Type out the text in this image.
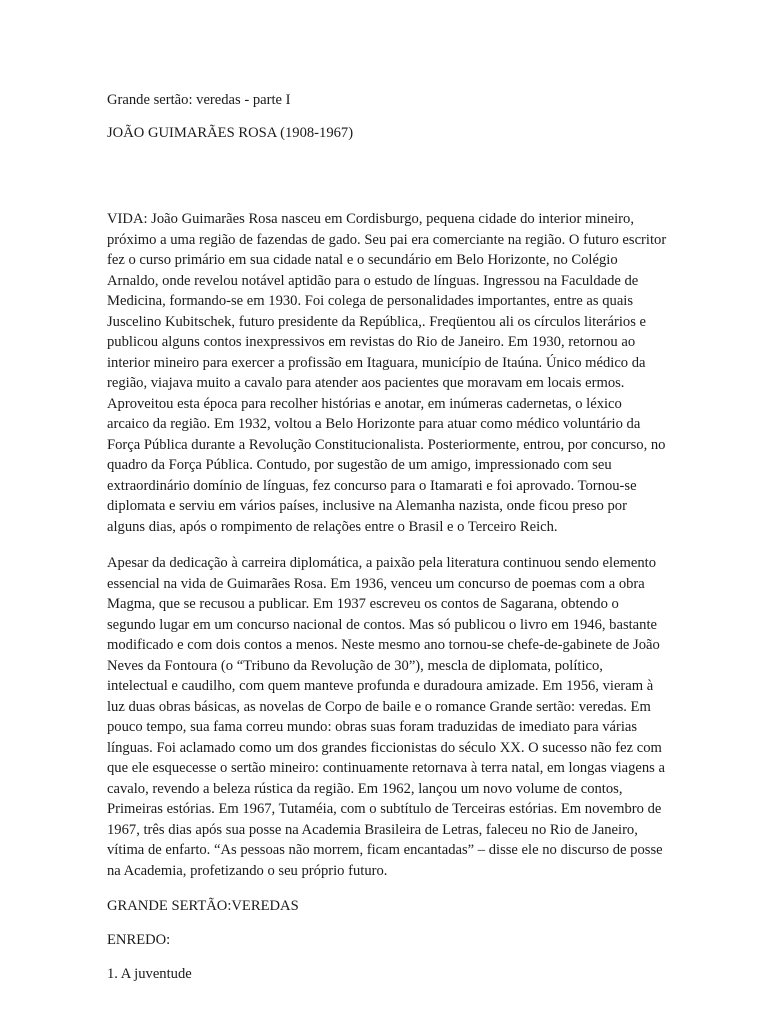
Grande sertão: veredas - parte I

JOÃO GUIMARÃES ROSA (1908-1967)

VIDA: João Guimarães Rosa nasceu em Cordisburgo, pequena cidade do interior mineiro, próximo a uma região de fazendas de gado. Seu pai era comerciante na região. O futuro escritor fez o curso primário em sua cidade natal e o secundário em Belo Horizonte, no Colégio Arnaldo, onde revelou notável aptidão para o estudo de línguas. Ingressou na Faculdade de Medicina, formando-se em 1930. Foi colega de personalidades importantes, entre as quais Juscelino Kubitschek, futuro presidente da República,. Freqüentou ali os círculos literários e publicou alguns contos inexpressivos em revistas do Rio de Janeiro. Em 1930, retornou ao interior mineiro para exercer a profissão em Itaguara, município de Itaúna. Único médico da região, viajava muito a cavalo para atender aos pacientes que moravam em locais ermos. Aproveitou esta época para recolher histórias e anotar, em inúmeras cadernetas, o léxico arcaico da região. Em 1932, voltou a Belo Horizonte para atuar como médico voluntário da Força Pública durante a Revolução Constitucionalista. Posteriormente, entrou, por concurso, no quadro da Força Pública. Contudo, por sugestão de um amigo, impressionado com seu extraordinário domínio de línguas, fez concurso para o Itamarati e foi aprovado. Tornou-se diplomata e serviu em vários países, inclusive na Alemanha nazista, onde ficou preso por alguns dias, após o rompimento de relações entre o Brasil e o Terceiro Reich.

Apesar da dedicação à carreira diplomática, a paixão pela literatura continuou sendo elemento essencial na vida de Guimarães Rosa. Em 1936, venceu um concurso de poemas com a obra Magma, que se recusou a publicar. Em 1937 escreveu os contos de Sagarana, obtendo o segundo lugar em um concurso nacional de contos. Mas só publicou o livro em 1946, bastante modificado e com dois contos a menos. Neste mesmo ano tornou-se chefe-de-gabinete de João Neves da Fontoura (o “Tribuno da Revolução de 30”), mescla de diplomata, político, intelectual e caudilho, com quem manteve profunda e duradoura amizade. Em 1956, vieram à luz duas obras básicas, as novelas de Corpo de baile e o romance Grande sertão: veredas. Em pouco tempo, sua fama correu mundo: obras suas foram traduzidas de imediato para várias línguas. Foi aclamado como um dos grandes ficcionistas do século XX. O sucesso não fez com que ele esquecesse o sertão mineiro: continuamente retornava à terra natal, em longas viagens a cavalo, revendo a beleza rústica da região. Em 1962, lançou um novo volume de contos, Primeiras estórias. Em 1967, Tutaméia, com o subtítulo de Terceiras estórias. Em novembro de 1967, três dias após sua posse na Academia Brasileira de Letras, faleceu no Rio de Janeiro, vítima de enfarto. “As pessoas não morrem, ficam encantadas” – disse ele no discurso de posse na Academia, profetizando o seu próprio futuro.

GRANDE SERTÃO:VEREDAS

ENREDO:

1. A juventude
